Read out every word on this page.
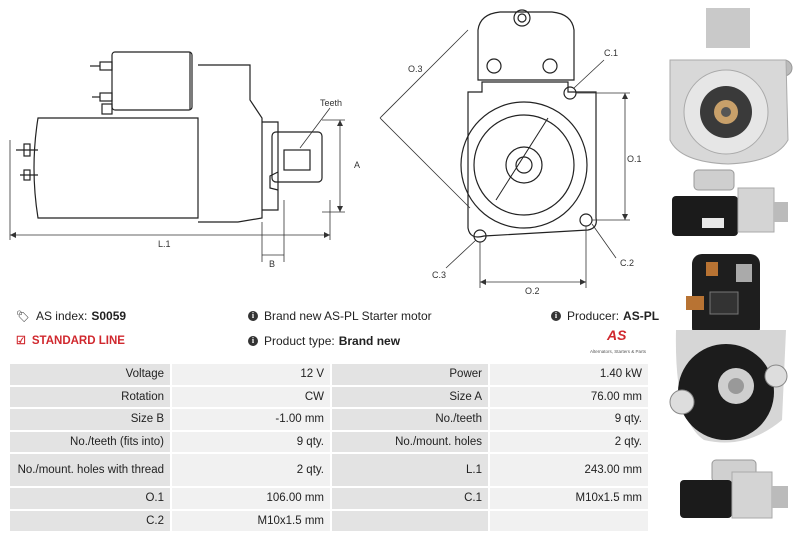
Teeth
L.1
A
B
O.3
C.1
O.1
C.3
C.2
O.2
🏷︎ AS index: S0059
☑ STANDARD LINE
i Brand new AS-PL Starter motor
i Product type: Brand new
i Producer: AS-PL
AS
Alternators, Starters & Parts
Voltage	12 V	Power	1.40 kW
Rotation	CW	Size A	76.00 mm
Size B	-1.00 mm	No./teeth	9 qty.
No./teeth (fits into)	9 qty.	No./mount. holes	2 qty.
No./mount. holes with thread	2 qty.	L.1	243.00 mm
O.1	106.00 mm	C.1	M10x1.5 mm
C.2	M10x1.5 mm		
